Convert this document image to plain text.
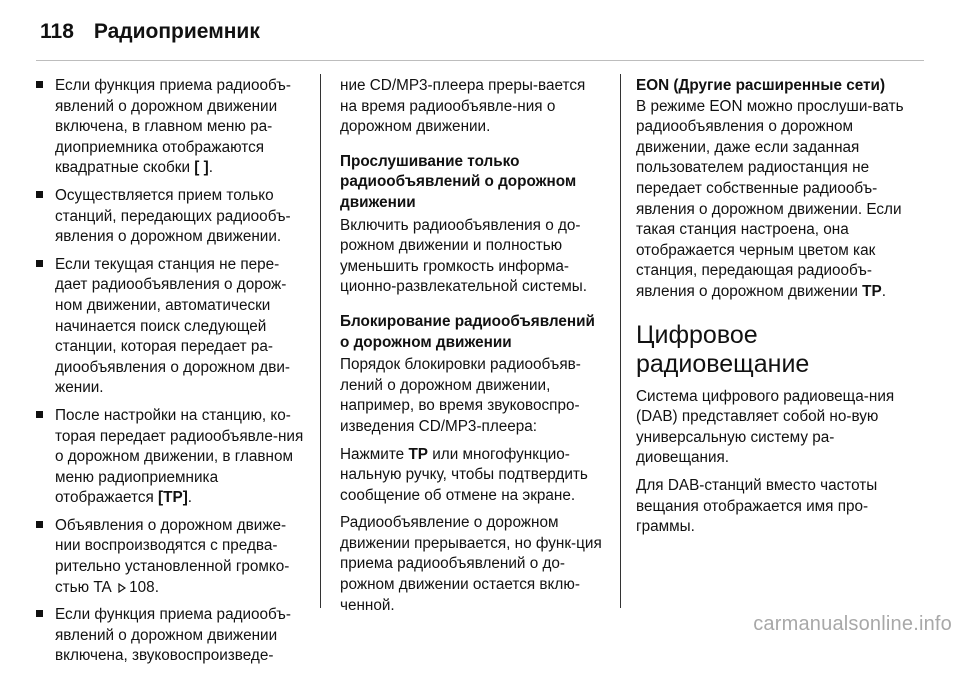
118 Радиоприемник
Если функция приема радиообъ-явлений о дорожном движении включена, в главном меню ра-диоприемника отображаются квадратные скобки [ ].
Осуществляется прием только станций, передающих радиообъ-явления о дорожном движении.
Если текущая станция не пере-дает радиообъявления о дорож-ном движении, автоматически начинается поиск следующей станции, которая передает ра-диообъявления о дорожном дви-жении.
После настройки на станцию, ко-торая передает радиообъявле-ния о дорожном движении, в главном меню радиоприемника отображается [TP].
Объявления о дорожном движе-нии воспроизводятся с предва-рительно установленной громко-стью TA 108.
Если функция приема радиообъ-явлений о дорожном движении включена, звуковоспроизведе-

ние CD/MP3-плеера преры-вается на время радиообъявле-ния о дорожном движении.

Прослушивание только радиообъявлений о дорожном движении

Включить радиообъявления о до-рожном движении и полностью уменьшить громкость информа-ционно-развлекательной системы.

Блокирование радиообъявлений о дорожном движении

Порядок блокировки радиообъяв-лений о дорожном движении, например, во время звуковоспро-изведения CD/MP3-плеера:

Нажмите TP или многофункцио-нальную ручку, чтобы подтвердить сообщение об отмене на экране.

Радиообъявление о дорожном движении прерывается, но функ-ция приема радиообъявлений о до-рожном движении остается вклю-ченной.

EON (Другие расширенные сети)

В режиме EON можно прослуши-вать радиообъявления о дорожном движении, даже если заданная пользователем радиостанция не передает собственные радиообъ-явления о дорожном движении. Если такая станция настроена, она отображается черным цветом как станция, передающая радиообъ-явления о дорожном движении TP.

Цифровое радиовещание

Система цифрового радиовеща-ния (DAB) представляет собой но-вую универсальную систему ра-диовещания.

Для DAB-станций вместо частоты вещания отображается имя про-граммы.

carmanualsonline.info
